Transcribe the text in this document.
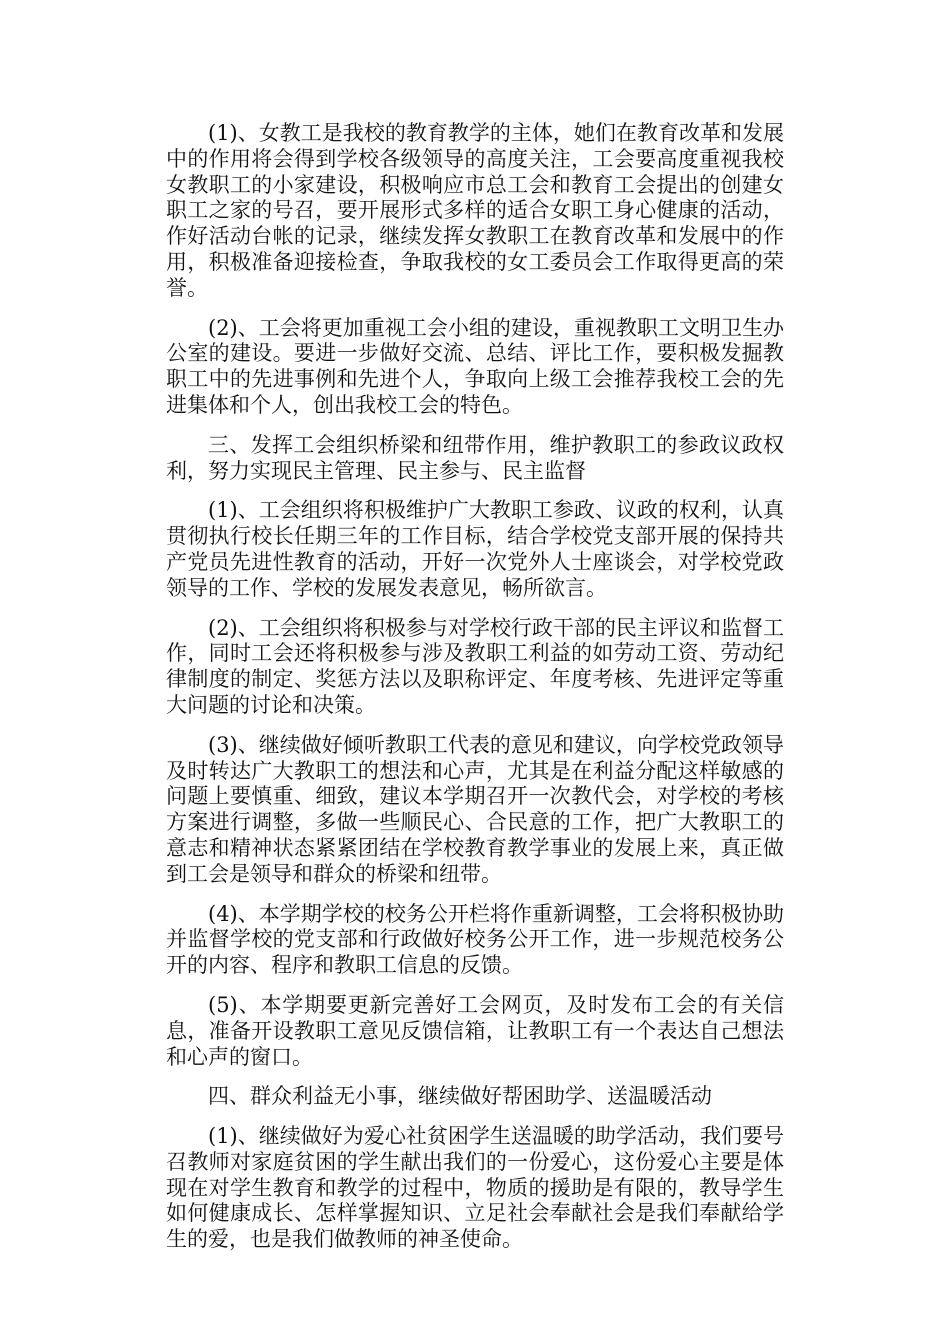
(1)、女教工是我校的教育教学的主体，她们在教育改革和发展中的作用将会得到学校各级领导的高度关注，工会要高度重视我校女教职工的小家建设，积极响应市总工会和教育工会提出的创建女职工之家的号召，要开展形式多样的适合女职工身心健康的活动，作好活动台帐的记录，继续发挥女教职工在教育改革和发展中的作用，积极准备迎接检查，争取我校的女工委员会工作取得更高的荣誉。

(2)、工会将更加重视工会小组的建设，重视教职工文明卫生办公室的建设。要进一步做好交流、总结、评比工作，要积极发掘教职工中的先进事例和先进个人，争取向上级工会推荐我校工会的先进集体和个人，创出我校工会的特色。

三、发挥工会组织桥梁和纽带作用，维护教职工的参政议政权利，努力实现民主管理、民主参与、民主监督

(1)、工会组织将积极维护广大教职工参政、议政的权利，认真贯彻执行校长任期三年的工作目标，结合学校党支部开展的保持共产党员先进性教育的活动，开好一次党外人士座谈会，对学校党政领导的工作、学校的发展发表意见，畅所欲言。

(2)、工会组织将积极参与对学校行政干部的民主评议和监督工作，同时工会还将积极参与涉及教职工利益的如劳动工资、劳动纪律制度的制定、奖惩方法以及职称评定、年度考核、先进评定等重大问题的讨论和决策。

(3)、继续做好倾听教职工代表的意见和建议，向学校党政领导及时转达广大教职工的想法和心声，尤其是在利益分配这样敏感的问题上要慎重、细致，建议本学期召开一次教代会，对学校的考核方案进行调整，多做一些顺民心、合民意的工作，把广大教职工的意志和精神状态紧紧团结在学校教育教学事业的发展上来，真正做到工会是领导和群众的桥梁和纽带。

(4)、本学期学校的校务公开栏将作重新调整，工会将积极协助并监督学校的党支部和行政做好校务公开工作，进一步规范校务公开的内容、程序和教职工信息的反馈。

(5)、本学期要更新完善好工会网页，及时发布工会的有关信息，准备开设教职工意见反馈信箱，让教职工有一个表达自己想法和心声的窗口。

四、群众利益无小事，继续做好帮困助学、送温暖活动

(1)、继续做好为爱心社贫困学生送温暖的助学活动，我们要号召教师对家庭贫困的学生献出我们的一份爱心，这份爱心主要是体现在对学生教育和教学的过程中，物质的援助是有限的，教导学生如何健康成长、怎样掌握知识、立足社会奉献社会是我们奉献给学生的爱，也是我们做教师的神圣使命。
